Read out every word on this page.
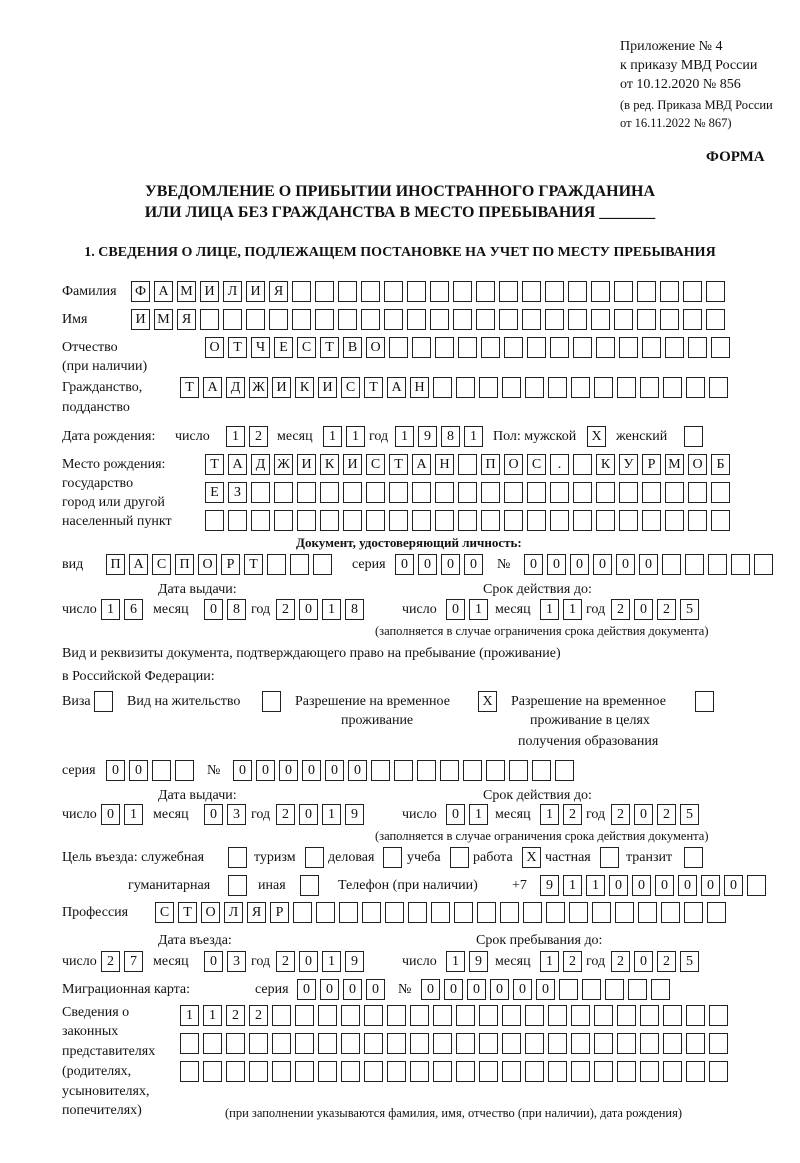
Приложение № 4
к приказу МВД России
от 10.12.2020 № 856
(в ред. Приказа МВД России
от 16.11.2022 № 867)
ФОРМА
УВЕДОМЛЕНИЕ О ПРИБЫТИИ ИНОСТРАННОГО ГРАЖДАНИНА
ИЛИ ЛИЦА БЕЗ ГРАЖДАНСТВА В МЕСТО ПРЕБЫВАНИЯ _______
1. СВЕДЕНИЯ О ЛИЦЕ, ПОДЛЕЖАЩЕМ ПОСТАНОВКЕ НА УЧЕТ ПО МЕСТУ ПРЕБЫВАНИЯ
Фамилия Ф А М И Л И Я
Имя	И М Я
Отчество
(при наличии)
О Т	Ч	Е	С	Т	В О
Гражданство,
подданство
Т А Д Ж И К И С	Т А Н
Дата рождения: число	1	2	месяц	1	1 год 1	9	8	1	Пол: мужской	X	женский
Место рождения:
государство
город или другой
населенный пункт
Т А Д Ж И К И С	Т А Н	П О С	.	К У	Р М О Б
Е	З
Документ, удостоверяющий личность:
вид	П А С П О	Р	Т	серия	0	0	0	0	№	0	0	0	0	0	0
Дата выдачи:	Срок действия до:
число 1	6	месяц	0	8 год 2	0	1	8	число	0	1 месяц	1	1 год 2	0	2	5
(заполняется в случае ограничения срока действия документа)
Вид и реквизиты документа, подтверждающего право на пребывание (проживание)
в Российской Федерации:
Виза	Вид на жительство	Разрешение на временное
проживание
X	Разрешение на временное
проживание в целях
получения образования
серия	0	0	№	0	0	0	0	0	0
Дата выдачи:	Срок действия до:
число 0	1	месяц	0	3 год 2	0	1	9	число	0	1 месяц	1	2 год 2	0	2	5
(заполняется в случае ограничения срока действия документа)
Цель въезда: служебная	туризм деловая учеба работа X частная	транзит
гуманитарная	иная	Телефон (при наличии) +7	9	1	1	0	0	0	0	0	0
Профессия	С	Т О Л Я	Р
Дата въезда:	Срок пребывания до:
число 2	7	месяц	0	3 год 2	0	1	9	число	1	9 месяц	1	2 год 2	0	2	5
Миграционная карта:	серия	0	0	0	0	№	0	0	0	0	0	0
Сведения о
законных
представителях
(родителях,
усыновителях,
попечителях)
1	1	2	2
(при заполнении указываются фамилия, имя, отчество (при наличии), дата рождения)
